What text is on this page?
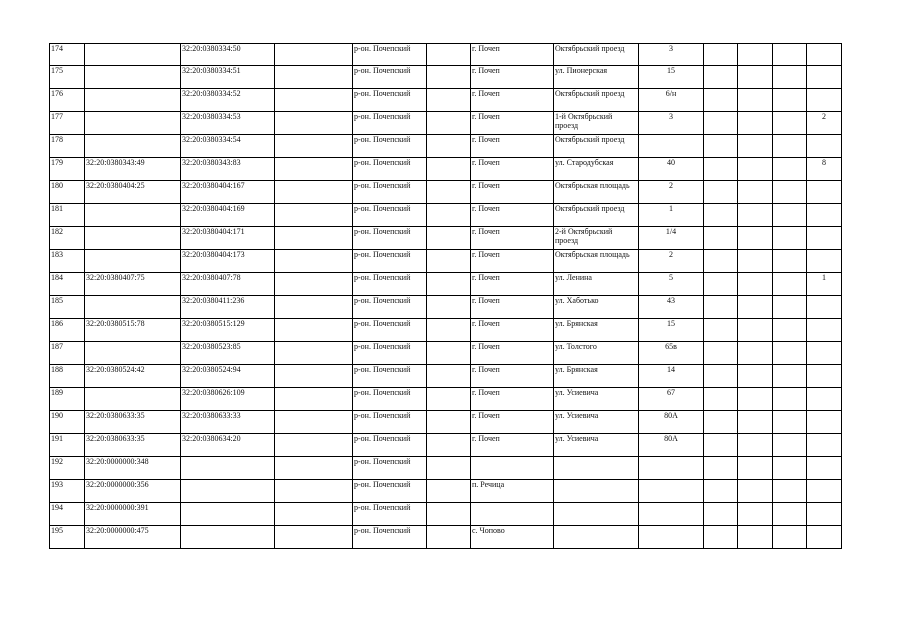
174		32:20:0380334:50		р-он. Почепский		г. Почеп	Октябрьский проезд	3				
175		32:20:0380334:51		р-он. Почепский		г. Почеп	ул. Пионерская	15				
176		32:20:0380334:52		р-он. Почепский		г. Почеп	Октябрьский проезд	6/н				
177		32:20:0380334:53		р-он. Почепский		г. Почеп	1-й Октябрьский проезд	3				2
178		32:20:0380334:54		р-он. Почепский		г. Почеп	Октябрьский проезд					
179	32:20:0380343:49	32:20:0380343:83		р-он. Почепский		г. Почеп	ул. Стародубская	40				8
180	32:20:0380404:25	32:20:0380404:167		р-он. Почепский		г. Почеп	Октябрьская площадь	2				
181		32:20:0380404:169		р-он. Почепский		г. Почеп	Октябрьский проезд	1				
182		32:20:0380404:171		р-он. Почепский		г. Почеп	2-й Октябрьский проезд	1/4				
183		32:20:0380404:173		р-он. Почепский		г. Почеп	Октябрьская площадь	2				
184	32:20:0380407:75	32:20:0380407:78		р-он. Почепский		г. Почеп	ул. Ленина	5				1
185		32:20:0380411:236		р-он. Почепский		г. Почеп	ул. Хаботько	43				
186	32:20:0380515:78	32:20:0380515:129		р-он. Почепский		г. Почеп	ул. Брянская	15				
187		32:20:0380523:85		р-он. Почепский		г. Почеп	ул. Толстого	65в				
188	32:20:0380524:42	32:20:0380524:94		р-он. Почепский		г. Почеп	ул. Брянская	14				
189		32:20:0380626:109		р-он. Почепский		г. Почеп	ул. Усиевича	67				
190	32:20:0380633:35	32:20:0380633:33		р-он. Почепский		г. Почеп	ул. Усиевича	80А				
191	32:20:0380633:35	32:20:0380634:20		р-он. Почепский		г. Почеп	ул. Усиевича	80А				
192	32:20:0000000:348			р-он. Почепский								
193	32:20:0000000:356			р-он. Почепский		п. Речица						
194	32:20:0000000:391			р-он. Почепский								
195	32:20:0000000:475			р-он. Почепский		с. Чопово						
